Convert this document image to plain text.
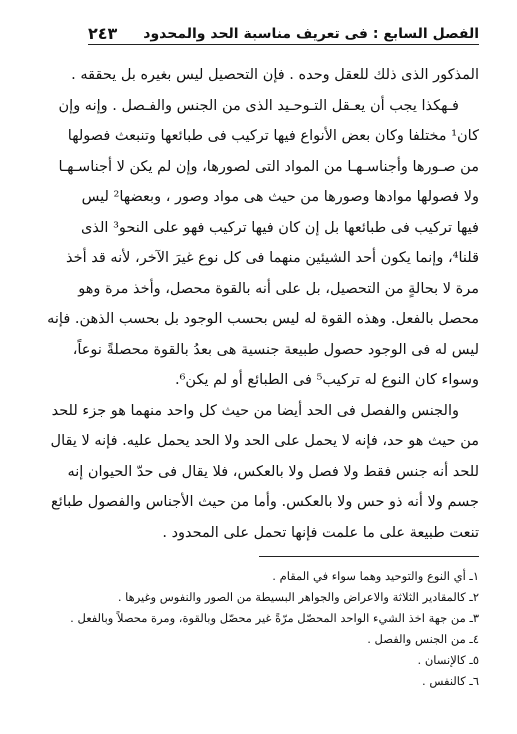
الفصل السابع : فى تعريف مناسبة الحد والمحدود
٢٤٣
المذكور الذى ذلك للعقل وحده . فإن التحصيل ليس بغيره بل يحققه .
فـهكذا يجب أن يعـقل التـوحـيد الذى من الجنس والفـصل . وإنه وإن
كان¹ مختلفا وكان بعض الأنواع فيها تركيب فى طبائعها وتنبعث فصولها
من صـورها وأجناسـهـا من المواد التى لصورها، وإن لم يكن لا أجناسـهـا
ولا فصولها موادها وصورها من حيث هى مواد وصور ، وبعضها² ليس
فيها تركيب فى طبائعها بل إن كان فيها تركيب فهو على النحو³ الذى
قلنا⁴، وإنما يكون أحد الشيئين منهما فى كل نوع غيرَ الآخر، لأنه قد أخذ
مرة لا بحالةٍ من التحصيل، بل على أنه بالقوة محصل، وأخذ مرة وهو
محصل بالفعل. وهذه القوة له ليس بحسب الوجود بل بحسب الذهن. فإنه
ليس له فى الوجود حصول طبيعة جنسية هى بعدُ بالقوة محصلةً نوعاً،
وسواء كان النوع له تركيب⁵ فى الطبائع أو لم يكن⁶.
والجنس والفصل فى الحد أيضا من حيث كل واحد منهما هو جزء للحد
من حيث هو حد، فإنه لا يحمل على الحد ولا الحد يحمل عليه. فإنه لا يقال
للحد أنه جنس فقط ولا فصل ولا بالعكس، فلا يقال فى حدّ الحيوان إنه
جسم ولا أنه ذو حس ولا بالعكس. وأما من حيث الأجناس والفصول طبائع
تنعت طبيعة على ما علمت فإنها تحمل على المحدود .
١ـ أي النوع والتوحيد وهما سواء في المقام .
٢ـ كالمقادير الثلاثة والاعراض والجواهر البسيطة من الصور والنفوس وغيرها .
٣ـ من جهة اخذ الشيء الواحد المحصّل مرّةً غير محصّل وبالقوة، ومرة محصلاً وبالفعل .
٤ـ من الجنس والفصل .
٥ـ كالإنسان .
٦ـ كالنفس .
